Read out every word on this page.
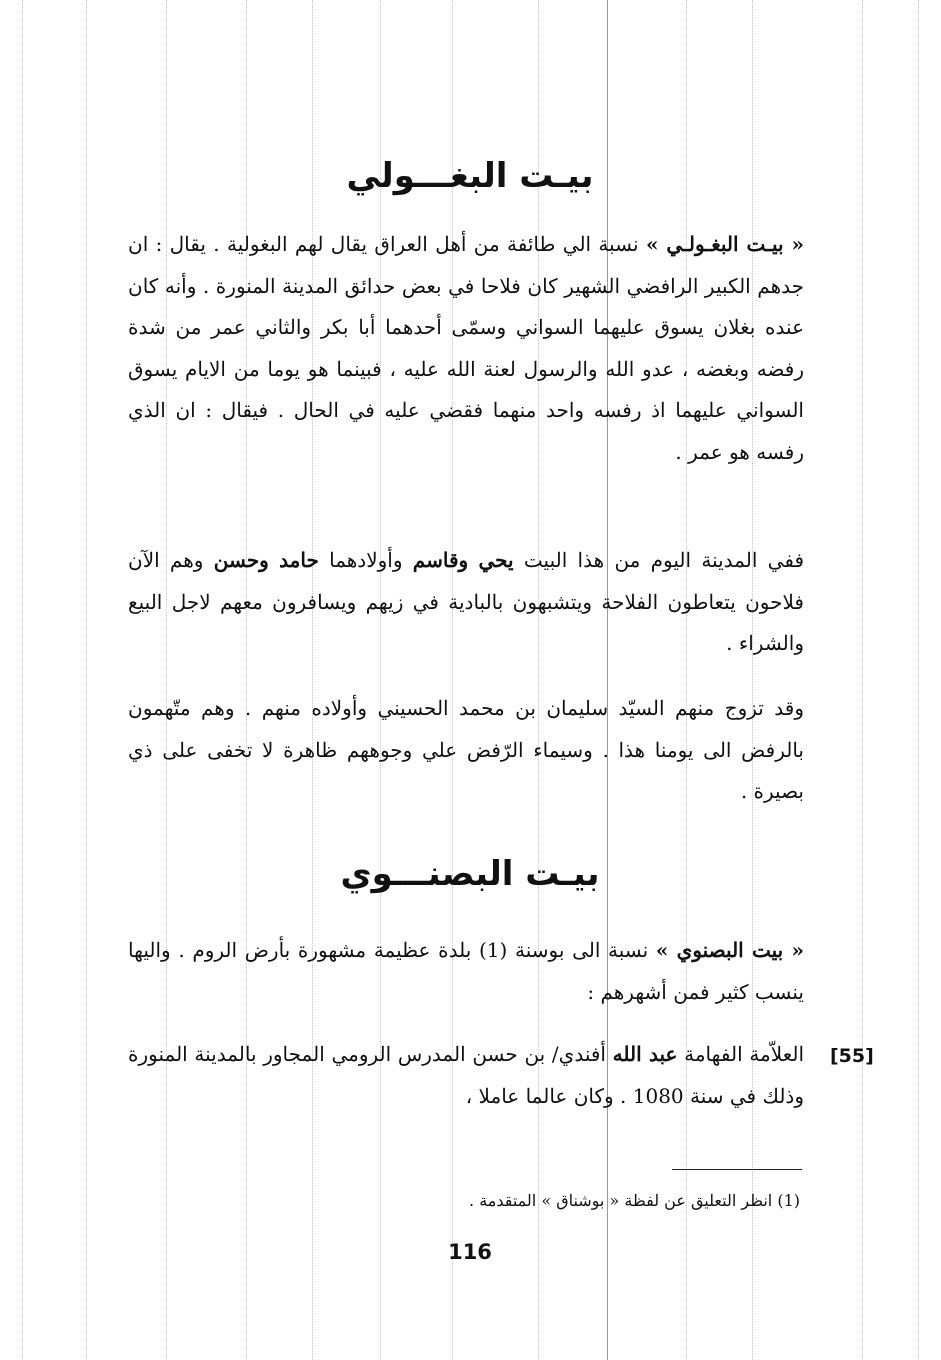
بيـت البغـــولي

« بيـت البغـولـي » نسبة الي طائفة من أهل العراق يقال لهم البغولية . يقال : ان جدهم الكبير الرافضي الشهير كان فلاحا في بعض حدائق المدينة المنورة . وأنه كان عنده بغلان يسوق عليهما السواني وسمّى أحدهما أبا بكر والثاني عمر من شدة رفضه وبغضه ، عدو الله والرسول لعنة الله عليه ، فبينما هو يوما من الايام يسوق السواني عليهما اذ رفسه واحد منهما فقضي عليه في الحال . فيقال : ان الذي رفسه هو عمر .

ففي المدينة اليوم من هذا البيت يحي وقاسم وأولادهما حامد وحسن وهم الآن فلاحون يتعاطون الفلاحة ويتشبهون بالبادية في زيهم ويسافرون معهم لاجل البيع والشراء .

وقد تزوج منهم السيّد سليمان بن محمد الحسيني وأولاده منهم . وهم متّهمون بالرفض الى يومنا هذا . وسيماء الرّفض علي وجوههم ظاهرة لا تخفى على ذي بصيرة .

بيـت البصنـــوي

« بيت البصنوي » نسبة الى بوسنة (1) بلدة عظيمة مشهورة بأرض الروم . واليها ينسب كثير فمن أشهرهم :

[55]

العلاّمة الفهامة عبد الله أفندي/ بن حسن المدرس الرومي المجاور بالمدينة المنورة وذلك في سنة 1080 . وكان عالما عاملا ،

(1) انظر التعليق عن لفظة « بوشناق » المتقدمة .

116
